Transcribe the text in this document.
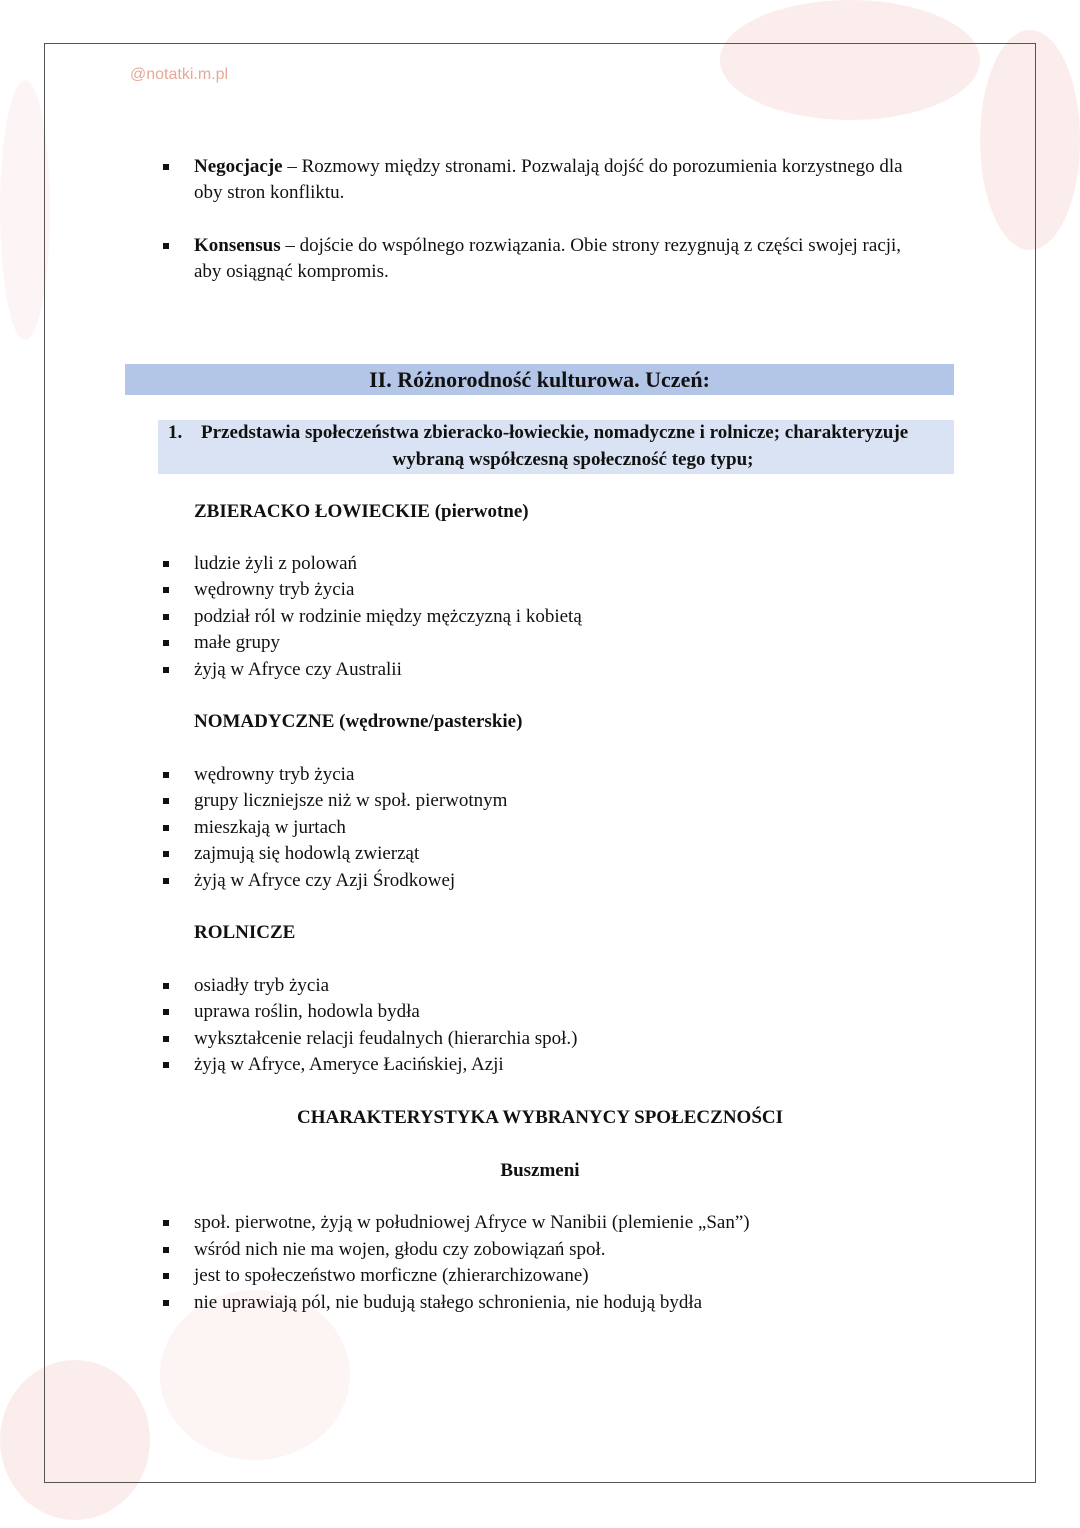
@notatki.m.pl
Negocjacje – Rozmowy między stronami. Pozwalają dojść do porozumienia korzystnego dla
oby stron konfliktu.
Konsensus – dojście do wspólnego rozwiązania. Obie strony rezygnują z części swojej racji,
aby osiągnąć kompromis.
ZBIERACKO ŁOWIECKIE (pierwotne)
ludzie żyli z polowań
wędrowny tryb życia
podział ról w rodzinie między mężczyzną i kobietą
małe grupy
żyją w Afryce czy Australii
NOMADYCZNE (wędrowne/pasterskie)
wędrowny tryb życia
grupy liczniejsze niż w społ. pierwotnym
mieszkają w jurtach
zajmują się hodowlą zwierząt
żyją w Afryce czy Azji Środkowej
ROLNICZE
osiadły tryb życia
uprawa roślin, hodowla bydła
wykształcenie relacji feudalnych (hierarchia społ.)
żyją w Afryce, Ameryce Łacińskiej, Azji
społ. pierwotne, żyją w południowej Afryce w Nanibii (plemienie „San”)
wśród nich nie ma wojen, głodu czy zobowiązań społ.
jest to społeczeństwo morficzne (zhierarchizowane)
nie uprawiają pól, nie budują stałego schronienia, nie hodują bydła
II. Różnorodność kulturowa. Uczeń:
1. Przedstawia społeczeństwa zbieracko-łowieckie, nomadyczne i rolnicze; charakteryzuje
wybraną współczesną społeczność tego typu;
CHARAKTERYSTYKA WYBRANYCY SPOŁECZNOŚCI
Buszmeni
